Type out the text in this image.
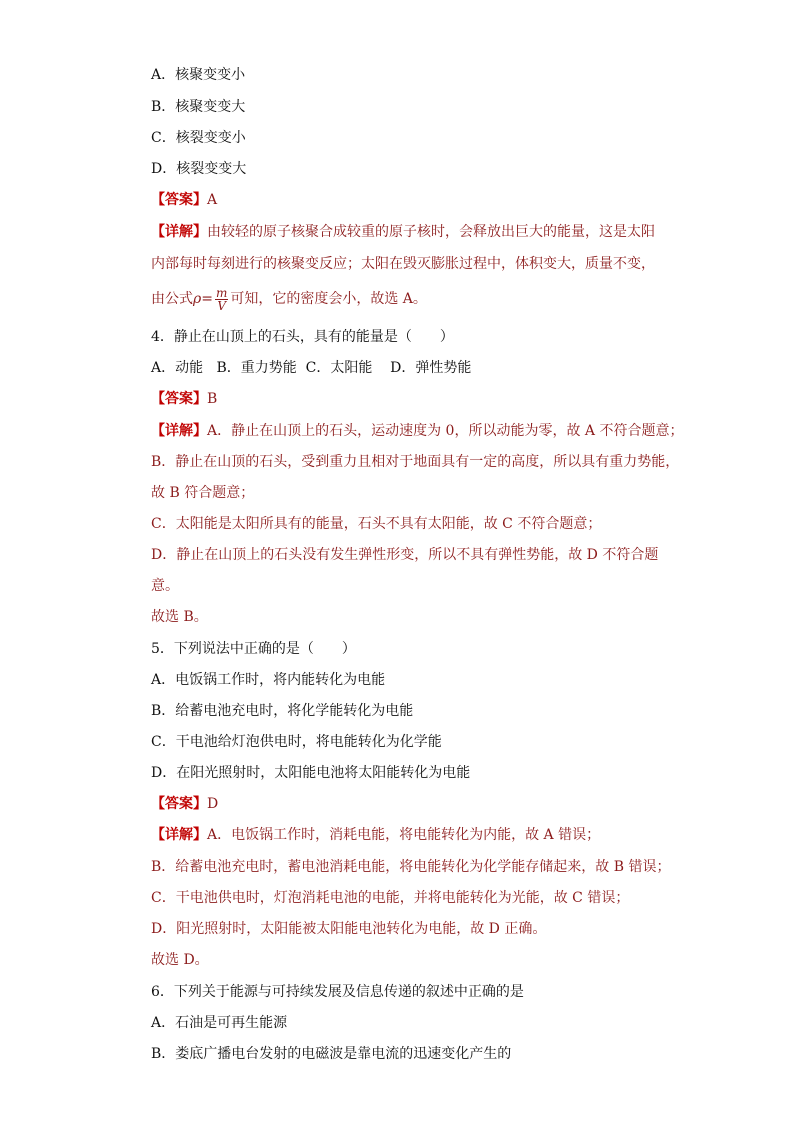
A．核聚变变小
B．核聚变变大
C．核裂变变小
D．核裂变变大
【答案】A
【详解】由较轻的原子核聚合成较重的原子核时，会释放出巨大的能量，这是太阳
内部每时每刻进行的核聚变反应；太阳在毁灭膨胀过程中，体积变大，质量不变，
由公式$\rho= \frac{m}{V}$ 可知，它的密度会小，故选 A。
4．静止在山顶上的石头，具有的能量是（　　）
A．动能   B．重力势能  C．太阳能    D．弹性势能
【答案】B
【详解】A．静止在山顶上的石头，运动速度为 0，所以动能为零，故 A 不符合题意；
B．静止在山顶的石头，受到重力且相对于地面具有一定的高度，所以具有重力势能，
故 B 符合题意；
C．太阳能是太阳所具有的能量，石头不具有太阳能，故 C 不符合题意；
D．静止在山顶上的石头没有发生弹性形变，所以不具有弹性势能，故 D 不符合题
意。
故选 B。
5．下列说法中正确的是（　　）
A．电饭锅工作时，将内能转化为电能
B．给蓄电池充电时，将化学能转化为电能
C．干电池给灯泡供电时，将电能转化为化学能
D．在阳光照射时，太阳能电池将太阳能转化为电能
【答案】D
【详解】A．电饭锅工作时，消耗电能，将电能转化为内能，故 A 错误；
B．给蓄电池充电时，蓄电池消耗电能，将电能转化为化学能存储起来，故 B 错误；
C．干电池供电时，灯泡消耗电池的电能，并将电能转化为光能，故 C 错误；
D．阳光照射时，太阳能被太阳能电池转化为电能，故 D 正确。
故选 D。
6．下列关于能源与可持续发展及信息传递的叙述中正确的是
A．石油是可再生能源
B．娄底广播电台发射的电磁波是靠电流的迅速变化产生的
